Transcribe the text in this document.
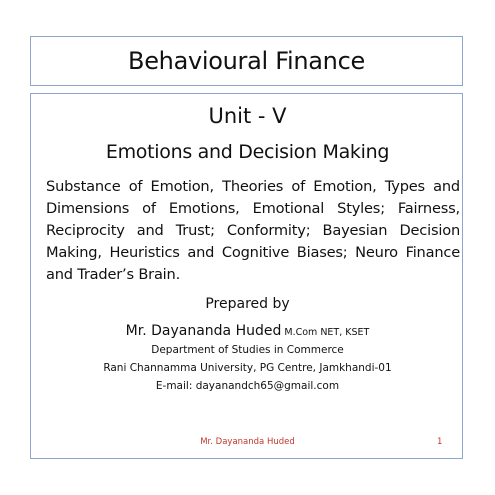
Behavioural Finance
Unit - V
Emotions and Decision Making
Substance of Emotion, Theories of Emotion, Types and Dimensions of Emotions, Emotional Styles; Fairness, Reciprocity and Trust; Conformity; Bayesian Decision Making, Heuristics and Cognitive Biases; Neuro Finance and Trader’s Brain.
Prepared by
Mr. Dayananda Huded M.Com NET, KSET
Department of Studies in Commerce
Rani Channamma University, PG Centre, Jamkhandi-01
E-mail: dayanandch65@gmail.com
Mr. Dayananda Huded	1
